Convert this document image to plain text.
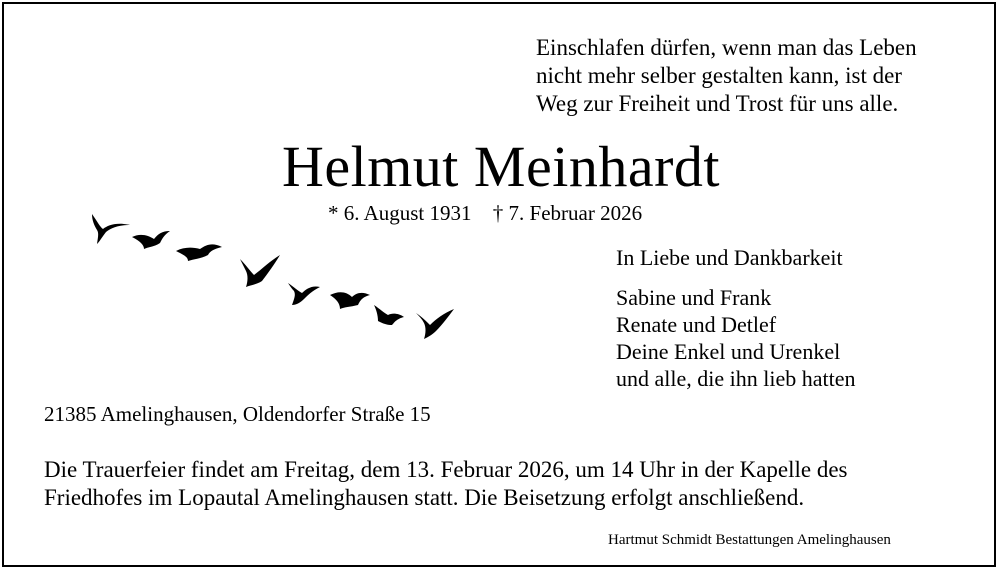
Einschlafen dürfen, wenn man das Leben
nicht mehr selber gestalten kann, ist der
Weg zur Freiheit und Trost für uns alle.
Helmut Meinhardt
* 6. August 1931 † 7. Februar 2026
In Liebe und Dankbarkeit
Sabine und Frank
Renate und Detlef
Deine Enkel und Urenkel
und alle, die ihn lieb hatten
21385 Amelinghausen, Oldendorfer Straße 15
Die Trauerfeier findet am Freitag, dem 13. Februar 2026, um 14 Uhr in der Kapelle des
Friedhofes im Lopautal Amelinghausen statt. Die Beisetzung erfolgt anschließend.
Hartmut Schmidt Bestattungen Amelinghausen
